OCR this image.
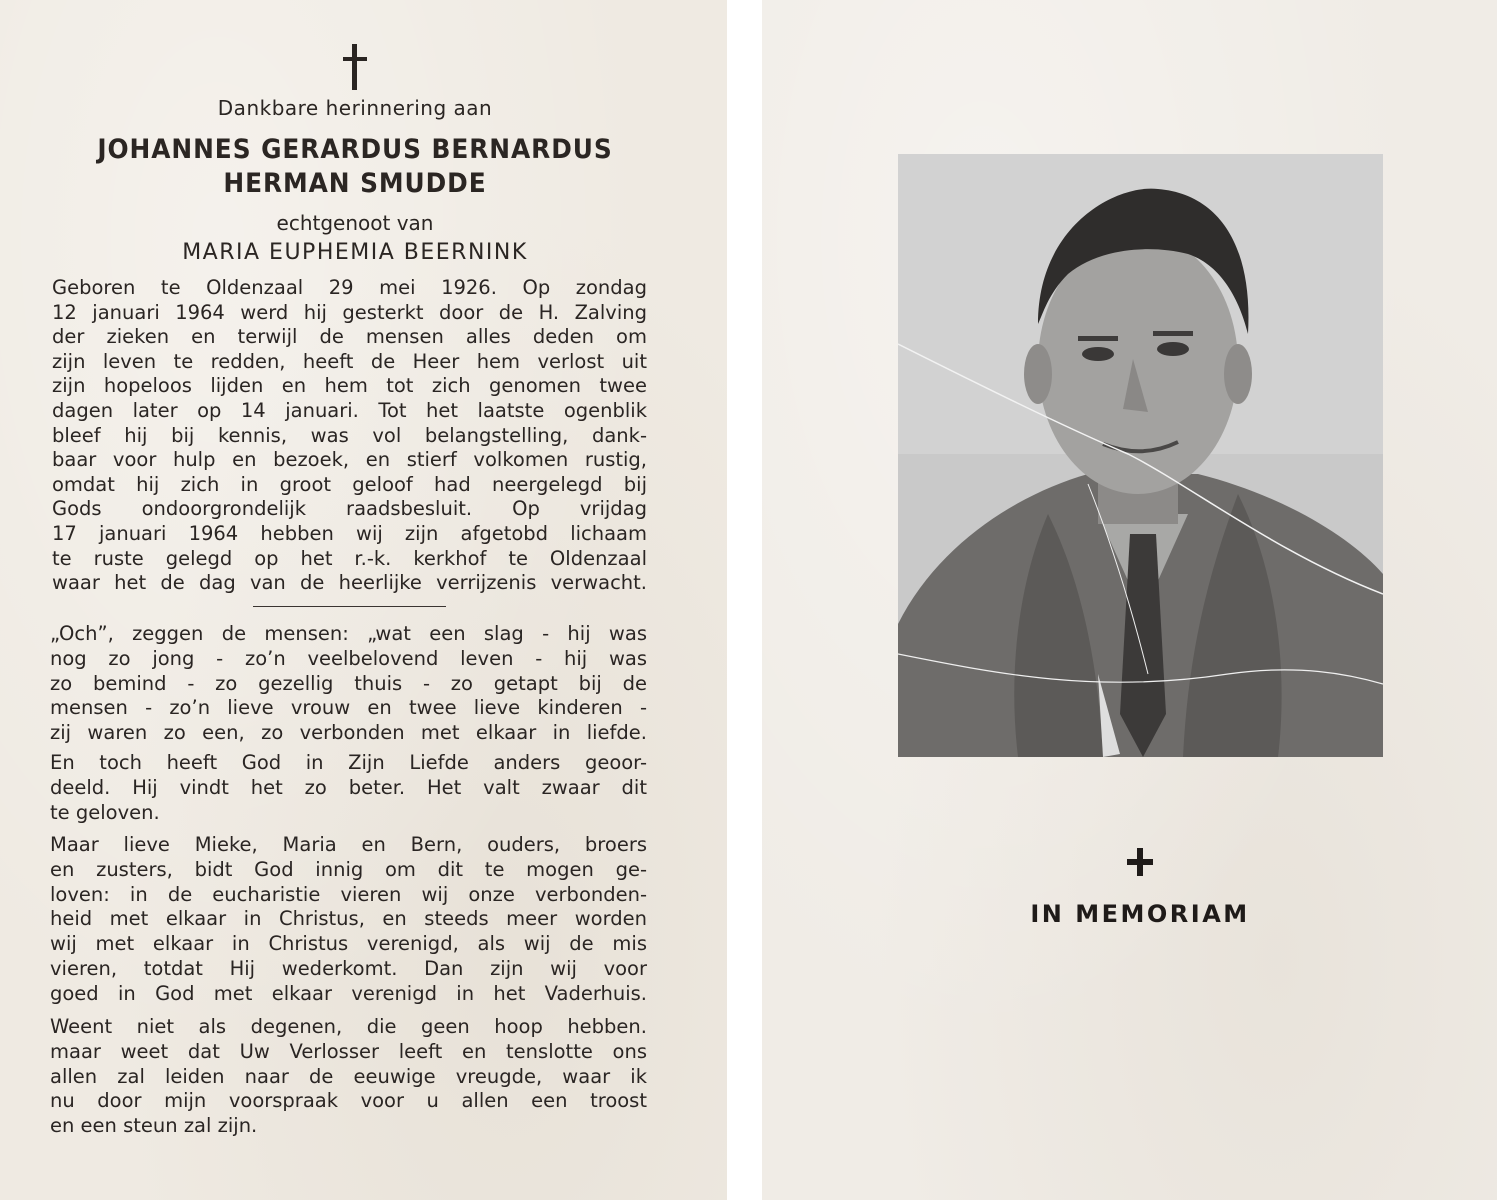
Dankbare herinnering aan
JOHANNES GERARDUS BERNARDUS
HERMAN SMUDDE
echtgenoot van
MARIA EUPHEMIA BEERNINK
Geboren te Oldenzaal 29 mei 1926. Op zondag
12 januari 1964 werd hij gesterkt door de H. Zalving
der zieken en terwijl de mensen alles deden om
zijn leven te redden, heeft de Heer hem verlost uit
zijn hopeloos lijden en hem tot zich genomen twee
dagen later op 14 januari. Tot het laatste ogenblik
bleef hij bij kennis, was vol belangstelling, dank-
baar voor hulp en bezoek, en stierf volkomen rustig,
omdat hij zich in groot geloof had neergelegd bij
Gods ondoorgrondelijk raadsbesluit. Op vrijdag
17 januari 1964 hebben wij zijn afgetobd lichaam
te ruste gelegd op het r.-k. kerkhof te Oldenzaal
waar het de dag van de heerlijke verrijzenis verwacht.
„Och”, zeggen de mensen: „wat een slag - hij was
nog zo jong - zo’n veelbelovend leven - hij was
zo bemind - zo gezellig thuis - zo getapt bij de
mensen - zo’n lieve vrouw en twee lieve kinderen -
zij waren zo een, zo verbonden met elkaar in liefde.
En toch heeft God in Zijn Liefde anders geoor-
deeld. Hij vindt het zo beter. Het valt zwaar dit
te geloven.
Maar lieve Mieke, Maria en Bern, ouders, broers
en zusters, bidt God innig om dit te mogen ge-
loven: in de eucharistie vieren wij onze verbonden-
heid met elkaar in Christus, en steeds meer worden
wij met elkaar in Christus verenigd, als wij de mis
vieren, totdat Hij wederkomt. Dan zijn wij voor
goed in God met elkaar verenigd in het Vaderhuis.
Weent niet als degenen, die geen hoop hebben.
maar weet dat Uw Verlosser leeft en tenslotte ons
allen zal leiden naar de eeuwige vreugde, waar ik
nu door mijn voorspraak voor u allen een troost
en een steun zal zijn.
IN MEMORIAM
